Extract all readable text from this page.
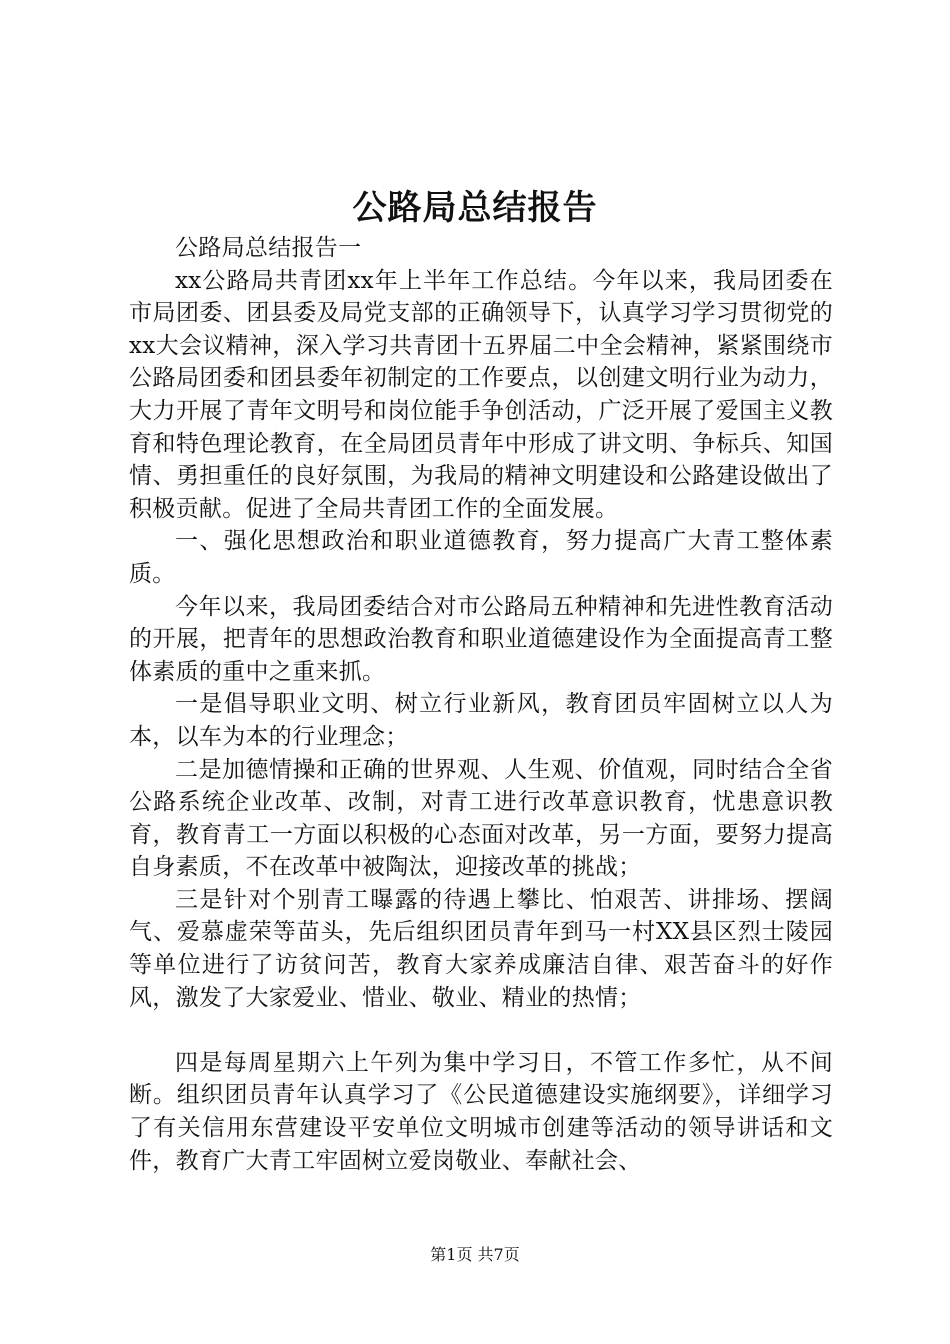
公路局总结报告

公路局总结报告一

xx公路局共青团xx年上半年工作总结。今年以来，我局团委在市局团委、团县委及局党支部的正确领导下，认真学习学习贯彻党的xx大会议精神，深入学习共青团十五界届二中全会精神，紧紧围绕市公路局团委和团县委年初制定的工作要点，以创建文明行业为动力，大力开展了青年文明号和岗位能手争创活动，广泛开展了爱国主义教育和特色理论教育，在全局团员青年中形成了讲文明、争标兵、知国情、勇担重任的良好氛围，为我局的精神文明建设和公路建设做出了积极贡献。促进了全局共青团工作的全面发展。

一、强化思想政治和职业道德教育，努力提高广大青工整体素质。

今年以来，我局团委结合对市公路局五种精神和先进性教育活动的开展，把青年的思想政治教育和职业道德建设作为全面提高青工整体素质的重中之重来抓。

一是倡导职业文明、树立行业新风，教育团员牢固树立以人为本，以车为本的行业理念；

二是加德情操和正确的世界观、人生观、价值观，同时结合全省公路系统企业改革、改制，对青工进行改革意识教育，忧患意识教育，教育青工一方面以积极的心态面对改革，另一方面，要努力提高自身素质，不在改革中被陶汰，迎接改革的挑战；

三是针对个别青工曝露的待遇上攀比、怕艰苦、讲排场、摆阔气、爱慕虚荣等苗头，先后组织团员青年到马一村XX县区烈士陵园等单位进行了访贫问苦，教育大家养成廉洁自律、艰苦奋斗的好作风，激发了大家爱业、惜业、敬业、精业的热情；

四是每周星期六上午列为集中学习日，不管工作多忙，从不间断。组织团员青年认真学习了《公民道德建设实施纲要》，详细学习了有关信用东营建设平安单位文明城市创建等活动的领导讲话和文件，教育广大青工牢固树立爱岗敬业、奉献社会、

第1页 共7页
